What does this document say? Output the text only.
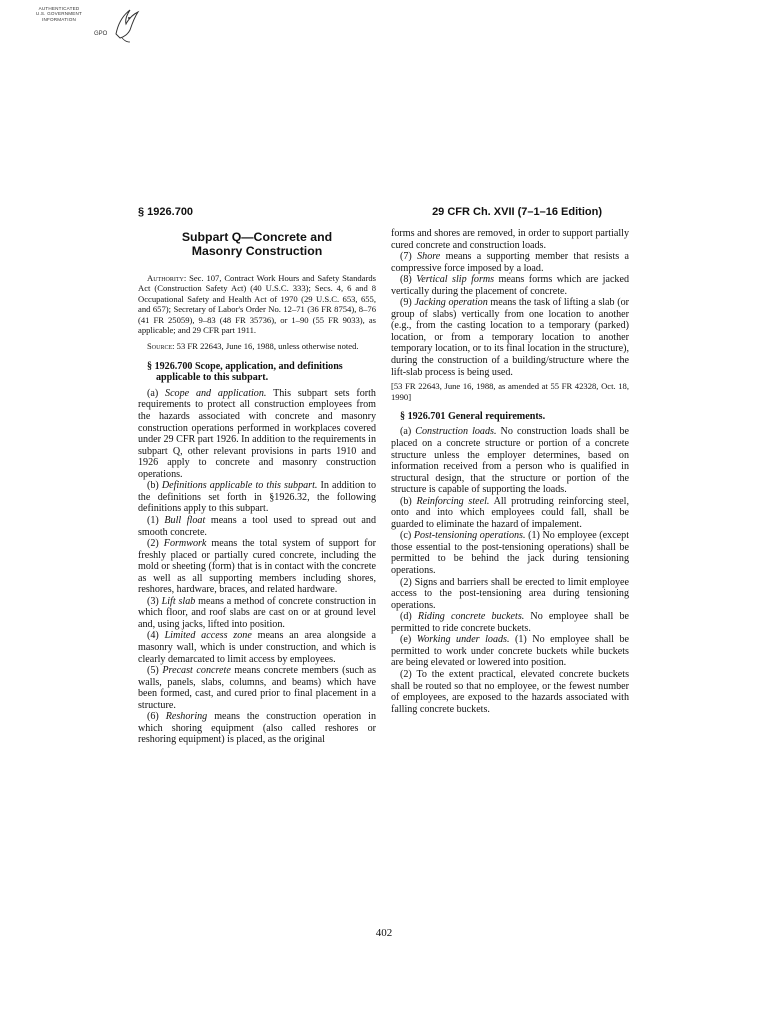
AUTHENTICATED
U.S. GOVERNMENT
INFORMATION
GPO
§ 1926.700	29 CFR Ch. XVII (7–1–16 Edition)
Subpart Q—Concrete and
Masonry Construction

Authority: Sec. 107, Contract Work Hours and Safety Standards Act (Construction Safety Act) (40 U.S.C. 333); Secs. 4, 6 and 8 Occupational Safety and Health Act of 1970 (29 U.S.C. 653, 655, and 657); Secretary of Labor's Order No. 12–71 (36 FR 8754), 8–76 (41 FR 25059), 9–83 (48 FR 35736), or 1–90 (55 FR 9033), as applicable; and 29 CFR part 1911.

Source: 53 FR 22643, June 16, 1988, unless otherwise noted.

§ 1926.700 Scope, application, and definitions applicable to this subpart.

(a) Scope and application. This subpart sets forth requirements to protect all construction employees from the hazards associated with concrete and masonry construction operations performed in workplaces covered under 29 CFR part 1926. In addition to the requirements in subpart Q, other relevant provisions in parts 1910 and 1926 apply to concrete and masonry construction operations.

(b) Definitions applicable to this subpart. In addition to the definitions set forth in §1926.32, the following definitions apply to this subpart.

(1) Bull float means a tool used to spread out and smooth concrete.

(2) Formwork means the total system of support for freshly placed or partially cured concrete, including the mold or sheeting (form) that is in contact with the concrete as well as all supporting members including shores, reshores, hardware, braces, and related hardware.

(3) Lift slab means a method of concrete construction in which floor, and roof slabs are cast on or at ground level and, using jacks, lifted into position.

(4) Limited access zone means an area alongside a masonry wall, which is under construction, and which is clearly demarcated to limit access by employees.

(5) Precast concrete means concrete members (such as walls, panels, slabs, columns, and beams) which have been formed, cast, and cured prior to final placement in a structure.

(6) Reshoring means the construction operation in which shoring equipment (also called reshores or reshoring equipment) is placed, as the original

forms and shores are removed, in order to support partially cured concrete and construction loads.

(7) Shore means a supporting member that resists a compressive force imposed by a load.

(8) Vertical slip forms means forms which are jacked vertically during the placement of concrete.

(9) Jacking operation means the task of lifting a slab (or group of slabs) vertically from one location to another (e.g., from the casting location to a temporary (parked) location, or from a temporary location to another temporary location, or to its final location in the structure), during the construction of a building/structure where the lift-slab process is being used.

[53 FR 22643, June 16, 1988, as amended at 55 FR 42328, Oct. 18, 1990]

§ 1926.701 General requirements.

(a) Construction loads. No construction loads shall be placed on a concrete structure or portion of a concrete structure unless the employer determines, based on information received from a person who is qualified in structural design, that the structure or portion of the structure is capable of supporting the loads.

(b) Reinforcing steel. All protruding reinforcing steel, onto and into which employees could fall, shall be guarded to eliminate the hazard of impalement.

(c) Post-tensioning operations. (1) No employee (except those essential to the post-tensioning operations) shall be permitted to be behind the jack during tensioning operations.

(2) Signs and barriers shall be erected to limit employee access to the post-tensioning area during tensioning operations.

(d) Riding concrete buckets. No employee shall be permitted to ride concrete buckets.

(e) Working under loads. (1) No employee shall be permitted to work under concrete buckets while buckets are being elevated or lowered into position.

(2) To the extent practical, elevated concrete buckets shall be routed so that no employee, or the fewest number of employees, are exposed to the hazards associated with falling concrete buckets.

402
